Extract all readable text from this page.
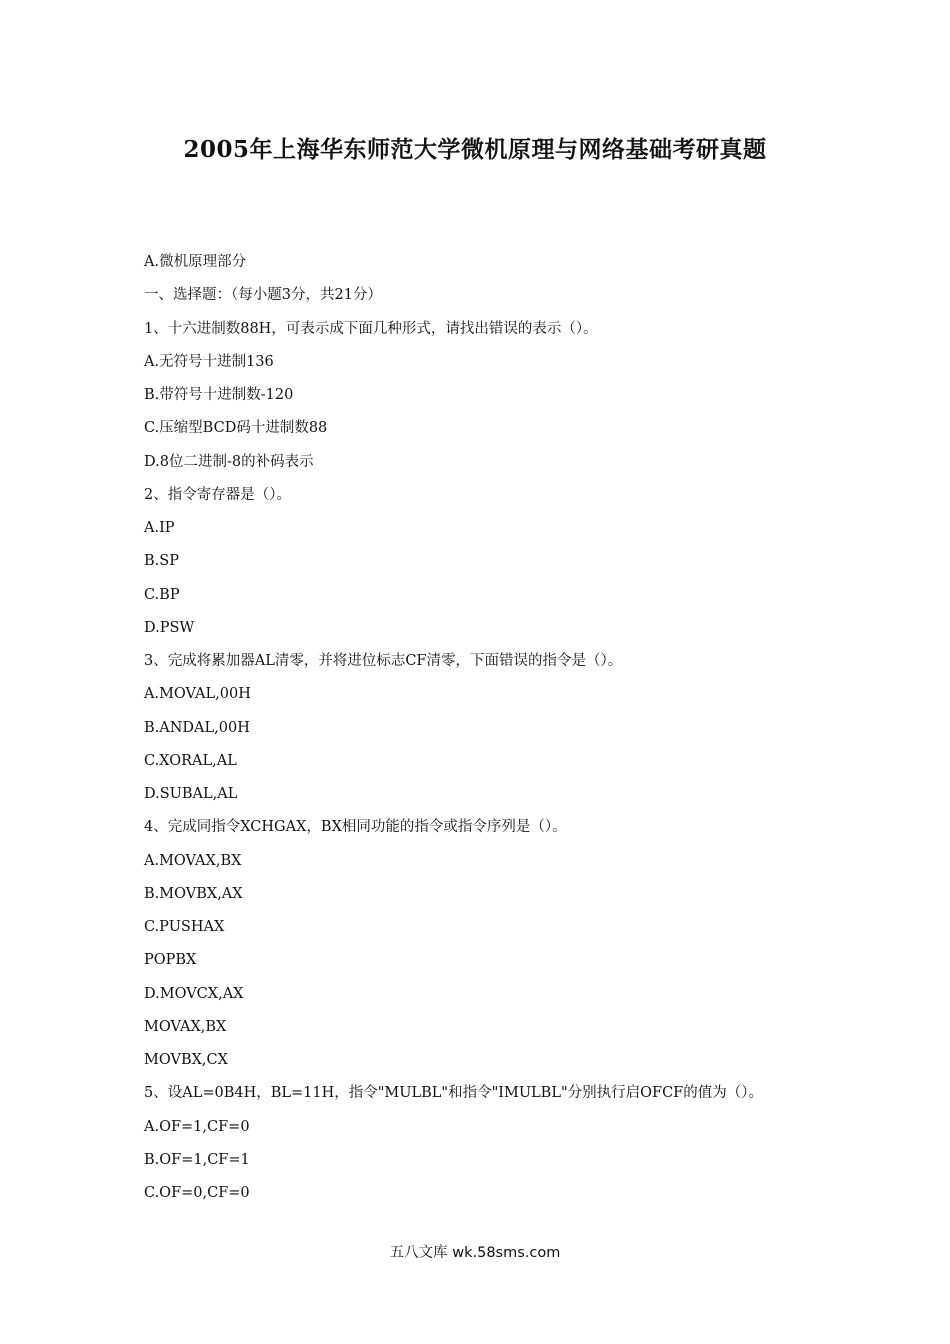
2005年上海华东师范大学微机原理与网络基础考研真题
A.微机原理部分
一、选择题：（每小题3分，共21分）
1、十六进制数88H，可表示成下面几种形式，请找出错误的表示（）。
A.无符号十进制136
B.带符号十进制数-120
C.压缩型BCD码十进制数88
D.8位二进制-8的补码表示
2、指令寄存器是（）。
A.IP
B.SP
C.BP
D.PSW
3、完成将累加器AL清零，并将进位标志CF清零，下面错误的指令是（）。
A.MOVAL,00H
B.ANDAL,00H
C.XORAL,AL
D.SUBAL,AL
4、完成同指令XCHGAX，BX相同功能的指令或指令序列是（）。
A.MOVAX,BX
B.MOVBX,AX
C.PUSHAX
POPBX
D.MOVCX,AX
MOVAX,BX
MOVBX,CX
5、设AL=0B4H，BL=11H，指令"MULBL"和指令"IMULBL"分别执行启OFCF的值为（）。
A.OF=1,CF=0
B.OF=1,CF=1
C.OF=0,CF=0
五八文库 wk.58sms.com
